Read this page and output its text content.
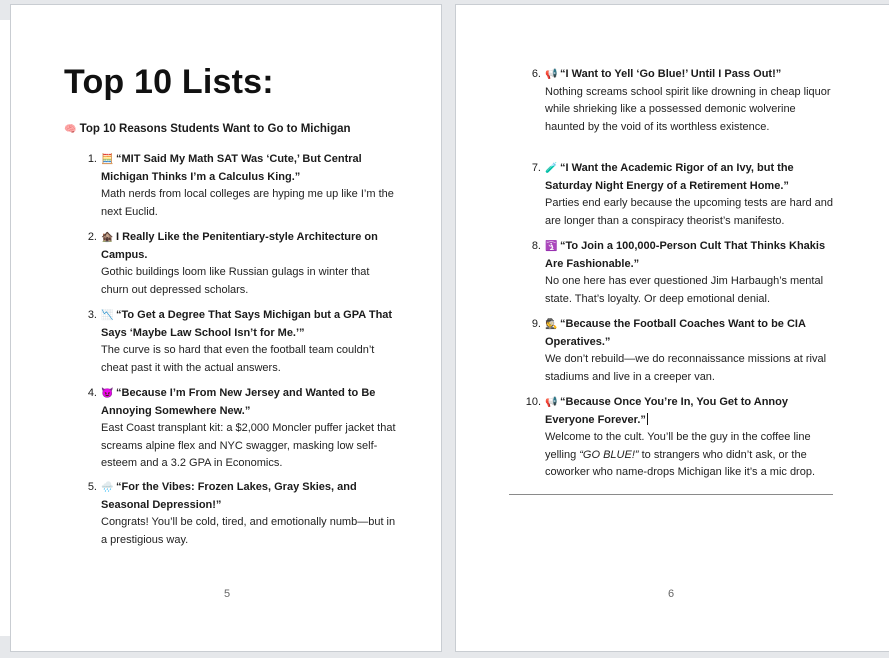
Top 10 Lists:
🧠 Top 10 Reasons Students Want to Go to Michigan
1. 🧮 “MIT Said My Math SAT Was ‘Cute,’ But Central Michigan Thinks I’m a Calculus King.”
Math nerds from local colleges are hyping me up like I’m the next Euclid.
2. 🏚️ I Really Like the Penitentiary-style Architecture on Campus.
Gothic buildings loom like Russian gulags in winter that churn out depressed scholars.
3. 📉 “To Get a Degree That Says Michigan but a GPA That Says ‘Maybe Law School Isn’t for Me.’”
The curve is so hard that even the football team couldn’t cheat past it with the actual answers.
4. 😈 “Because I’m From New Jersey and Wanted to Be Annoying Somewhere New.”
East Coast transplant kit: a $2,000 Moncler puffer jacket that screams alpine flex and NYC swagger, masking low self-esteem and a 3.2 GPA in Economics.
5. 🌧️ “For the Vibes: Frozen Lakes, Gray Skies, and Seasonal Depression!”
Congrats! You’ll be cold, tired, and emotionally numb—but in a prestigious way.
5
6. 📢 “I Want to Yell ‘Go Blue!’ Until I Pass Out!”
Nothing screams school spirit like drowning in cheap liquor while shrieking like a possessed demonic wolverine haunted by the void of its worthless existence.
7. 🧪 “I Want the Academic Rigor of an Ivy, but the Saturday Night Energy of a Retirement Home.”
Parties end early because the upcoming tests are hard and are longer than a conspiracy theorist’s manifesto.
8. 🛐 “To Join a 100,000-Person Cult That Thinks Khakis Are Fashionable.”
No one here has ever questioned Jim Harbaugh’s mental state. That’s loyalty. Or deep emotional denial.
9. 🕵️ “Because the Football Coaches Want to be CIA Operatives.”
We don’t rebuild—we do reconnaissance missions at rival stadiums and live in a creeper van.
10. 📢 “Because Once You’re In, You Get to Annoy Everyone Forever.”
Welcome to the cult. You’ll be the guy in the coffee line yelling “GO BLUE!” to strangers who didn’t ask, or the coworker who name-drops Michigan like it’s a mic drop.
6
